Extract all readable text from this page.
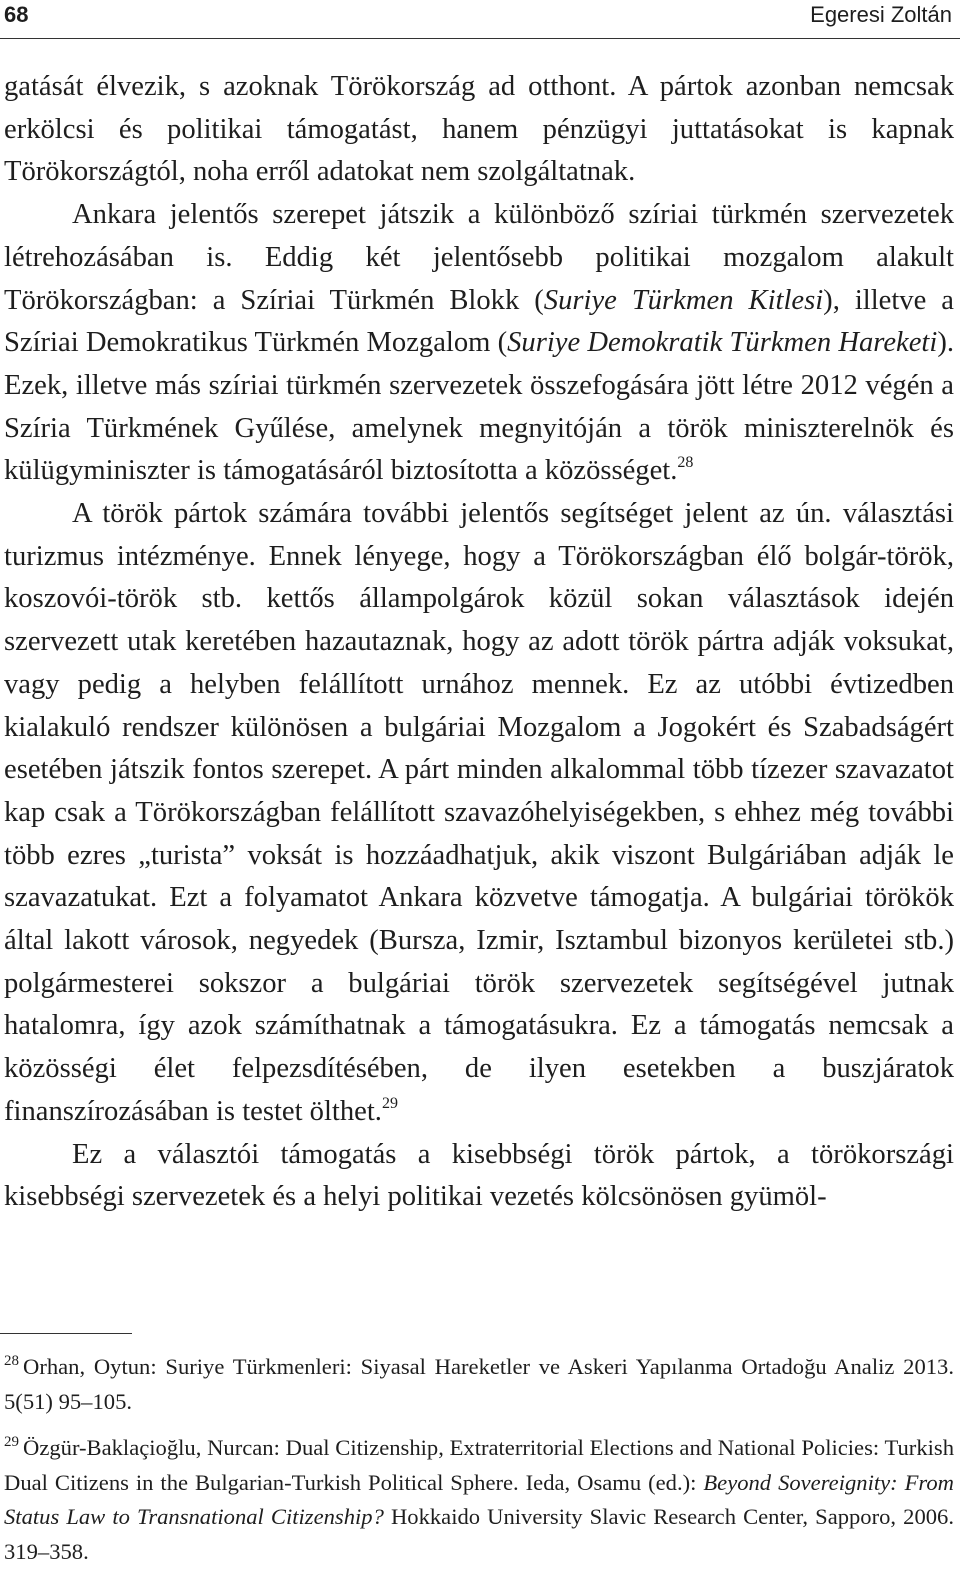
68	Egeresi Zoltán

gatását élvezik, s azoknak Törökország ad otthont. A pártok azonban nemcsak erkölcsi és politikai támogatást, hanem pénzügyi juttatásokat is kapnak Törökországtól, noha erről adatokat nem szolgáltatnak.

Ankara jelentős szerepet játszik a különböző szíriai türkmén szervezetek létrehozásában is. Eddig két jelentősebb politikai mozgalom alakult Törökországban: a Szíriai Türkmén Blokk (Suriye Türkmen Kitlesi), illetve a Szíriai Demokratikus Türkmén Mozgalom (Suriye Demokratik Türkmen Hareketi). Ezek, illetve más szíriai türkmén szervezetek összefogására jött létre 2012 végén a Szíria Türkmének Gyűlése, amelynek megnyitóján a török miniszterelnök és külügyminiszter is támogatásáról biztosította a közösséget.$^{28}$

A török pártok számára további jelentős segítséget jelent az ún. választási turizmus intézménye. Ennek lényege, hogy a Törökországban élő bolgár-török, koszovói-török stb. kettős állampolgárok közül sokan választások idején szervezett utak keretében hazautaznak, hogy az adott török pártra adják voksukat, vagy pedig a helyben felállított urnához mennek. Ez az utóbbi évtizedben kialakuló rendszer különösen a bulgáriai Mozgalom a Jogokért és Szabadságért esetében játszik fontos szerepet. A párt minden alkalommal több tízezer szavazatot kap csak a Törökországban felállított szavazóhelyiségekben, s ehhez még további több ezres „turista” voksát is hozzáadhatjuk, akik viszont Bulgáriában adják le szavazatukat. Ezt a folyamatot Ankara közvetve támogatja. A bulgáriai törökök által lakott városok, negyedek (Bursza, Izmir, Isztambul bizonyos kerületei stb.) polgármesterei sokszor a bulgáriai török szervezetek segítségével jutnak hatalomra, így azok számíthatnak a támogatásukra. Ez a támogatás nemcsak a közösségi élet felpezsdítésében, de ilyen esetekben a buszjáratok finanszírozásában is testet ölthet.$^{29}$

Ez a választói támogatás a kisebbségi török pártok, a törökországi kisebbségi szervezetek és a helyi politikai vezetés kölcsönösen gyümöl-

$^{28}$ Orhan, Oytun: Suriye Türkmenleri: Siyasal Hareketler ve Askeri Yapılanma Ortadoğu Analiz 2013. 5(51) 95–105.

$^{29}$ Özgür-Baklaçioğlu, Nurcan: Dual Citizenship, Extraterritorial Elections and National Policies: Turkish Dual Citizens in the Bulgarian-Turkish Political Sphere. Ieda, Osamu (ed.): Beyond Sovereignity: From Status Law to Transnational Citizenship? Hokkaido University Slavic Research Center, Sapporo, 2006. 319–358.
